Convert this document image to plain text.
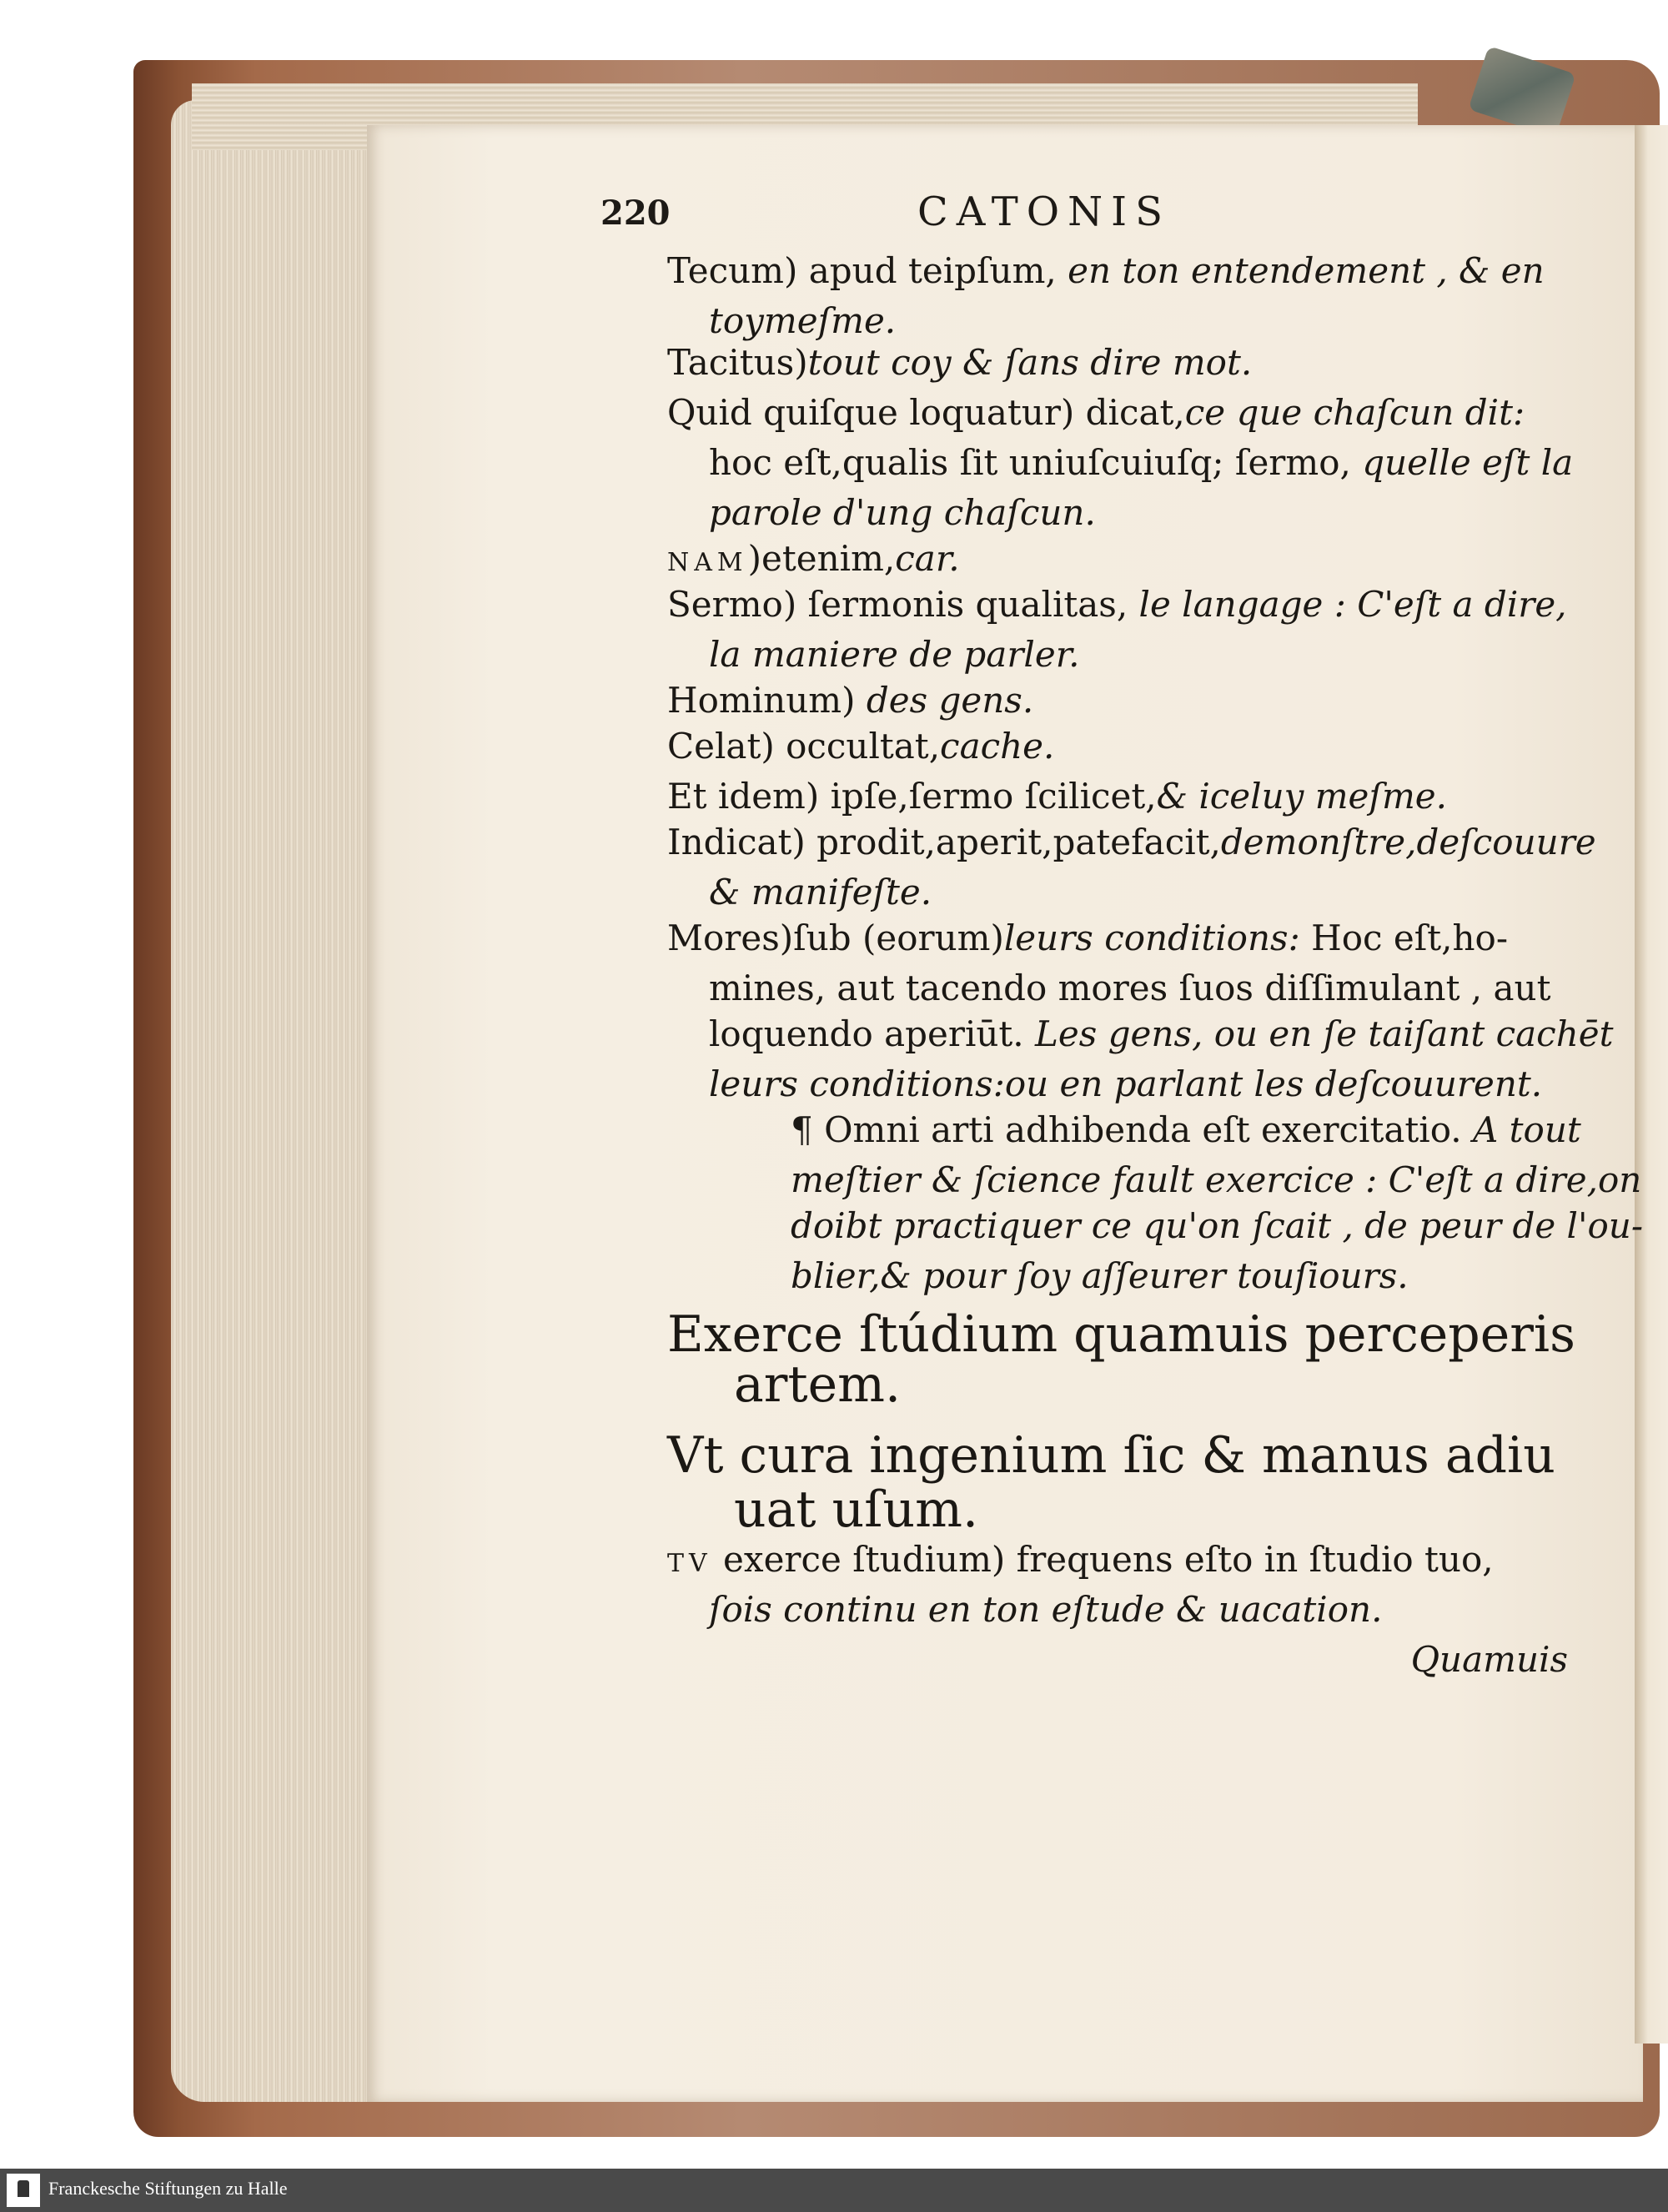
220	CATONIS
Tecum) apud teipſum, en ton entendement , & en
toymeſme.
Tacitus)tout coy & ſans dire mot.
Quid quiſque loquatur) dicat,ce que chaſcun dit:
hoc eſt,qualis ſit uniuſcuiuſq; ſermo, quelle eſt la
parole d'ung chaſcun.
NAM)etenim,car.
Sermo) ſermonis qualitas, le langage : C'eſt a dire,
la maniere de parler.
Hominum) des gens.
Celat) occultat,cache.
Et idem) ipſe,ſermo ſcilicet,& iceluy meſme.
Indicat) prodit,aperit,patefacit,demonſtre,deſcouure
& manifeſte.
Mores)ſub (eorum)leurs conditions: Hoc eſt,ho-
mines, aut tacendo mores ſuos diſſimulant , aut
loquendo aperiūt. Les gens, ou en ſe taiſant cachēt
leurs conditions:ou en parlant les deſcouurent.
¶ Omni arti adhibenda eſt exercitatio. A tout
meſtier & ſcience fault exercice : C'eſt a dire,on
doibt practiquer ce qu'on ſcait , de peur de l'ou-
blier,& pour ſoy aſſeurer touſiours.
Exerce ſtúdium quamuis perceperis
artem.
Vt cura ingenium ſic & manus adiu
uat uſum.
TV exerce ſtudium) frequens eſto in ſtudio tuo,
ſois continu en ton eſtude & uacation.
Quamuis
Franckesche Stiftungen zu Halle
